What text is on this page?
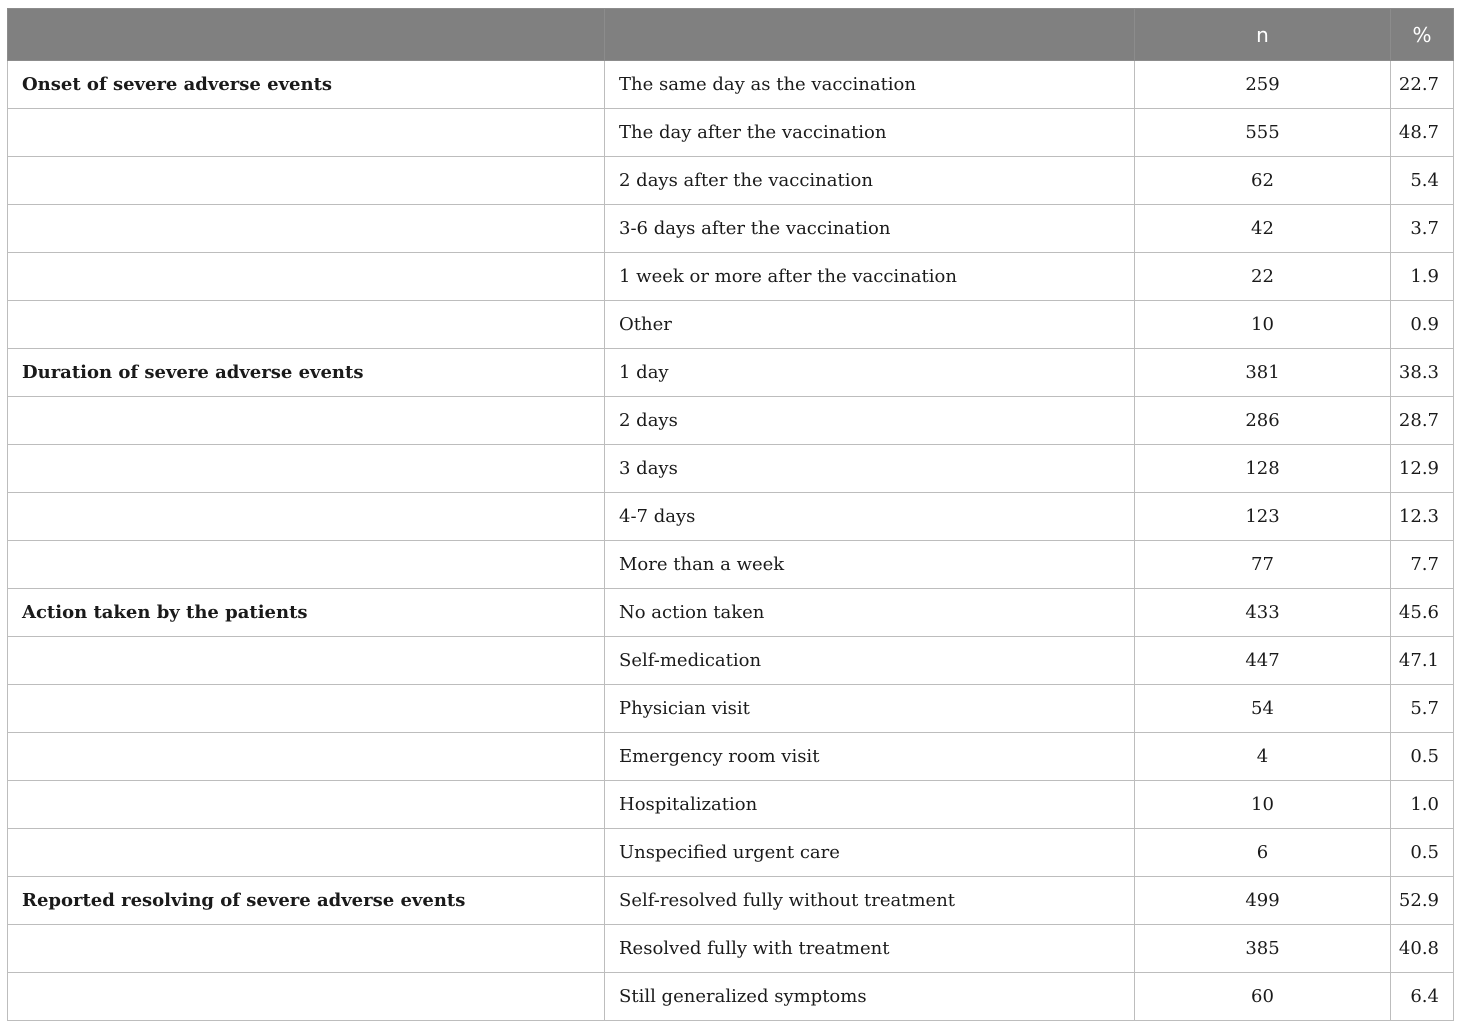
		n	%
Onset of severe adverse events	The same day as the vaccination	259	22.7
	The day after the vaccination	555	48.7
	2 days after the vaccination	62	5.4
	3-6 days after the vaccination	42	3.7
	1 week or more after the vaccination	22	1.9
	Other	10	0.9
Duration of severe adverse events	1 day	381	38.3
	2 days	286	28.7
	3 days	128	12.9
	4-7 days	123	12.3
	More than a week	77	7.7
Action taken by the patients	No action taken	433	45.6
	Self-medication	447	47.1
	Physician visit	54	5.7
	Emergency room visit	4	0.5
	Hospitalization	10	1.0
	Unspecified urgent care	6	0.5
Reported resolving of severe adverse events	Self-resolved fully without treatment	499	52.9
	Resolved fully with treatment	385	40.8
	Still generalized symptoms	60	6.4
